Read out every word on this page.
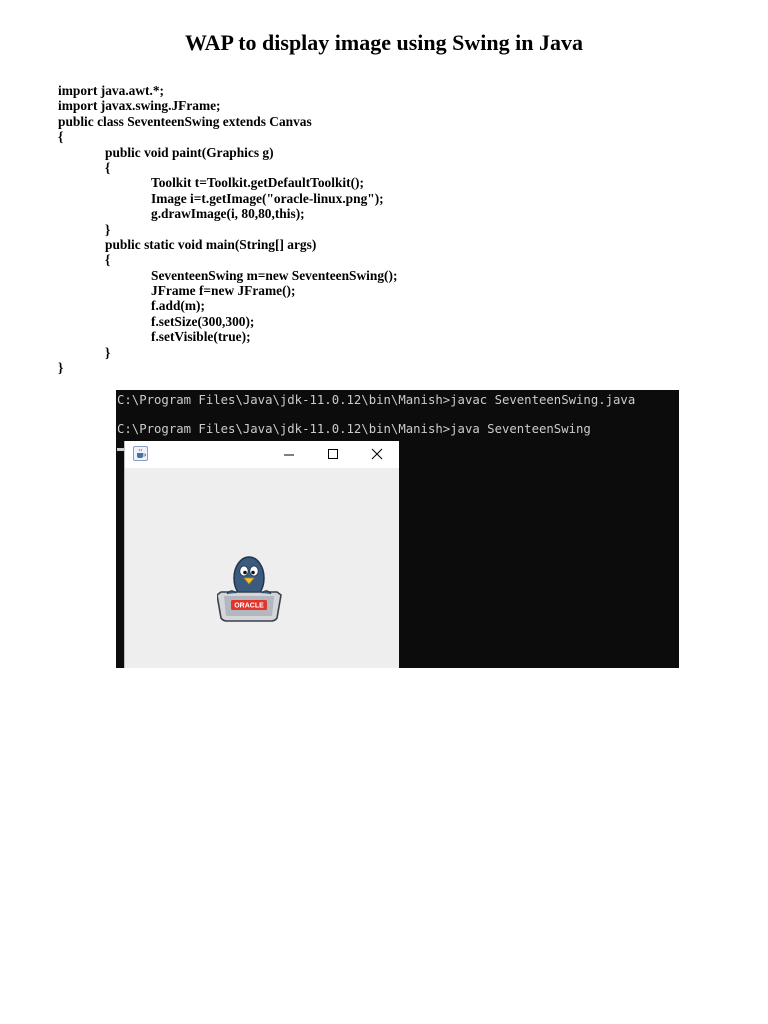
WAP to display image using Swing in Java
import java.awt.*;
import javax.swing.JFrame;
public class SeventeenSwing extends Canvas
{
public void paint(Graphics g)
{
Toolkit t=Toolkit.getDefaultToolkit();
Image i=t.getImage("oracle-linux.png");
g.drawImage(i, 80,80,this);
}
public static void main(String[] args)
{
SeventeenSwing m=new SeventeenSwing();
JFrame f=new JFrame();
f.add(m);
f.setSize(300,300);
f.setVisible(true);
}
}
C:\Program Files\Java\jdk-11.0.12\bin\Manish>javac SeventeenSwing.java
C:\Program Files\Java\jdk-11.0.12\bin\Manish>java SeventeenSwing
ORACLE
